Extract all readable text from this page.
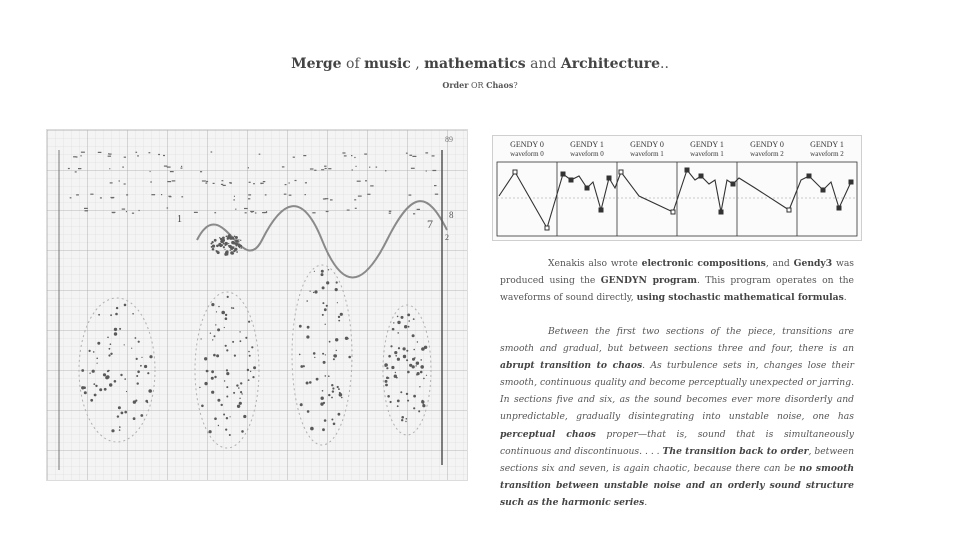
Merge of music , mathematics and Architecture..
Order OR Chaos?
7
8
89
1
2
GENDY 0
waveform 0
GENDY 1
waveform 0
GENDY 0
waveform 1
GENDY 1
waveform 1
GENDY 0
waveform 2
GENDY 1
waveform 2
Xenakis also wrote electronic compositions, and Gendy3 was produced using the GENDYN program. This program operates on the waveforms of sound directly, using stochastic mathematical formulas.
Between the first two sections of the piece, transitions are smooth and gradual, but between sections three and four, there is an abrupt transition to chaos. As turbulence sets in, changes lose their smooth, continuous quality and become perceptually unexpected or jarring. In sections five and six, as the sound becomes ever more disorderly and unpredictable, gradually disintegrating into unstable noise, one has perceptual chaos proper—that is, sound that is simultaneously continuous and discontinuous. . . . The transition back to order, between sections six and seven, is again chaotic, because there can be no smooth transition between unstable noise and an orderly sound structure such as the harmonic series.
